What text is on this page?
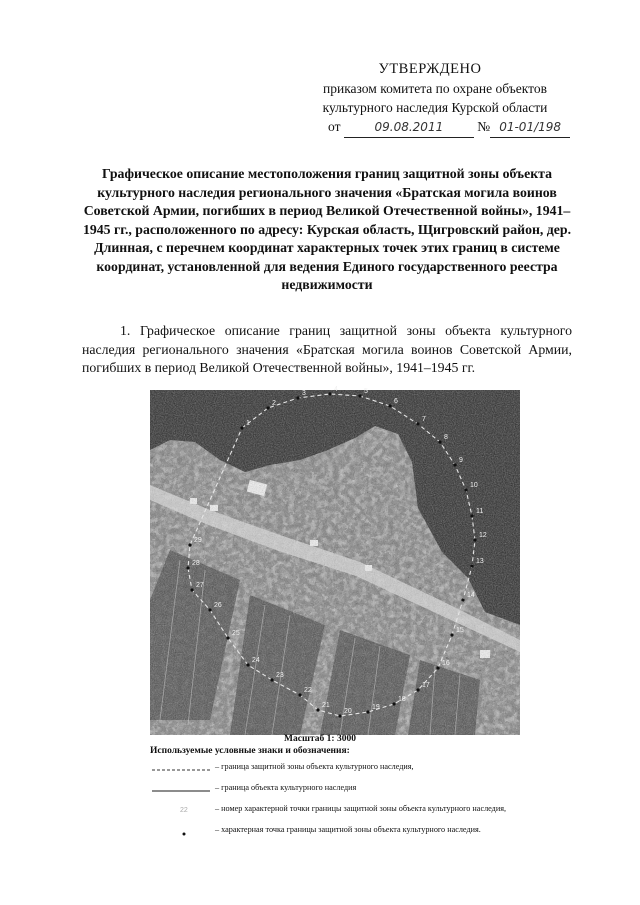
УТВЕРЖДЕНО
приказом комитета по охране объектов
культурного наследия Курской области
от	09.08.2011	№ 01-01/198
Графическое описание местоположения границ защитной зоны объекта культурного наследия регионального значения «Братская могила воинов Советской Армии, погибших в период Великой Отечественной войны», 1941–1945 гг., расположенного по адресу: Курская область, Щигровский район, дер. Длинная, с перечнем координат характерных точек этих границ в системе координат, установленной для ведения Единого государственного реестра недвижимости
1. Графическое описание границ защитной зоны объекта культурного наследия регионального значения «Братская могила воинов Советской Армии, погибших в период Великой Отечественной войны», 1941–1945 гг.
1
2
3
4	5
6
7
8
9
10
11
12
13
14
15
16
17
18
19
20
21
22
23
24
25
26
27
28
29
Масштаб 1: 3000
Используемые условные знаки и обозначения:
– граница защитной зоны объекта культурного наследия,
– граница объекта культурного наследия
22	– номер характерной точки границы защитной зоны объекта культурного наследия,
– характерная точка границы защитной зоны объекта культурного наследия.
